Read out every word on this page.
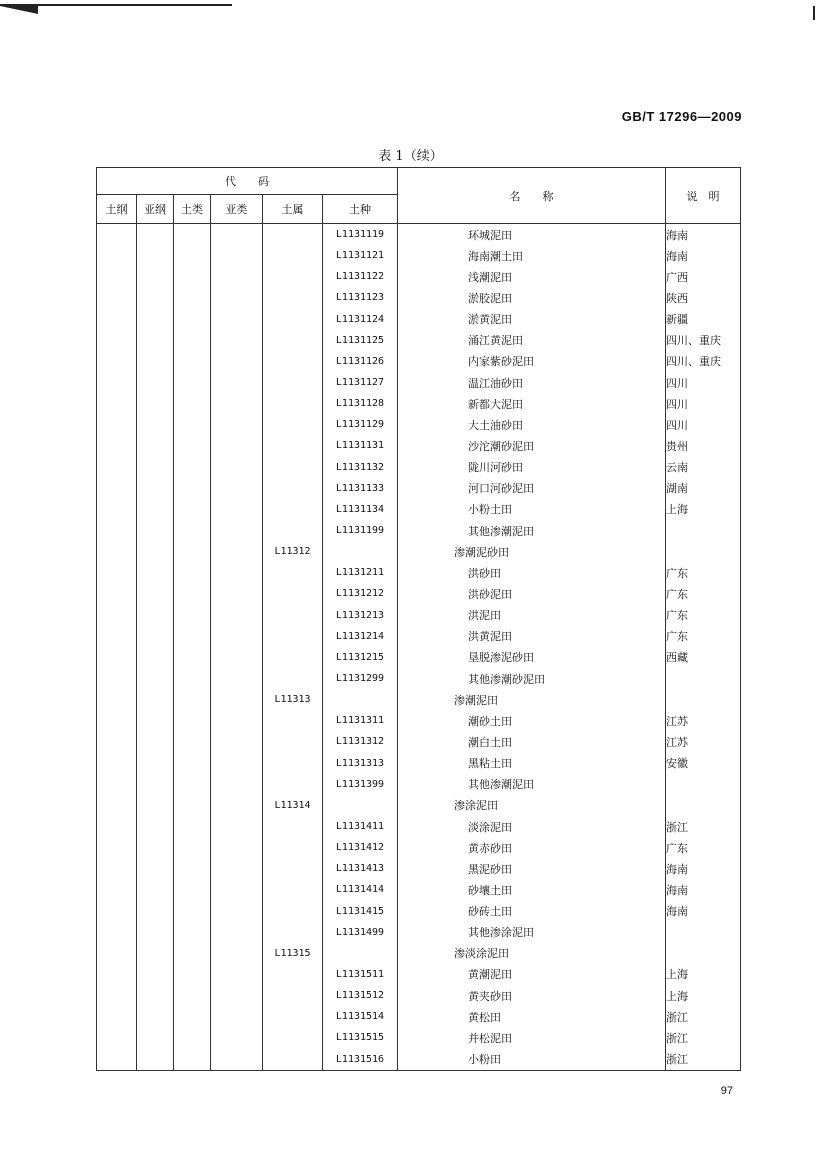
GB/T 17296—2009
表 1（续）
代　　码						名　　称	说　明
土纲	亚纲	土类	亚类	土属	土种		
					L1131119	环城泥田	海南
					L1131121	海南潮土田	海南
					L1131122	浅潮泥田	广西
					L1131123	淤胶泥田	陕西
					L1131124	淤黄泥田	新疆
					L1131125	涌江黄泥田	四川、重庆
					L1131126	内家紫砂泥田	四川、重庆
					L1131127	温江油砂田	四川
					L1131128	新都大泥田	四川
					L1131129	大土油砂田	四川
					L1131131	沙沱潮砂泥田	贵州
					L1131132	陇川河砂田	云南
					L1131133	河口河砂泥田	湖南
					L1131134	小粉土田	上海
					L1131199	其他渗潮泥田	
				L11312		渗潮泥砂田	
					L1131211	洪砂田	广东
					L1131212	洪砂泥田	广东
					L1131213	洪泥田	广东
					L1131214	洪黄泥田	广东
					L1131215	垦脱渗泥砂田	西藏
					L1131299	其他渗潮砂泥田	
				L11313		渗潮泥田	
					L1131311	潮砂土田	江苏
					L1131312	潮白土田	江苏
					L1131313	黑粘土田	安徽
					L1131399	其他渗潮泥田	
				L11314		渗涂泥田	
					L1131411	淡涂泥田	浙江
					L1131412	黄赤砂田	广东
					L1131413	黑泥砂田	海南
					L1131414	砂壤土田	海南
					L1131415	砂砖土田	海南
					L1131499	其他渗涂泥田	
				L11315		渗淡涂泥田	
					L1131511	黄潮泥田	上海
					L1131512	黄夹砂田	上海
					L1131514	黄松田	浙江
					L1131515	并松泥田	浙江
					L1131516	小粉田	浙江
97
